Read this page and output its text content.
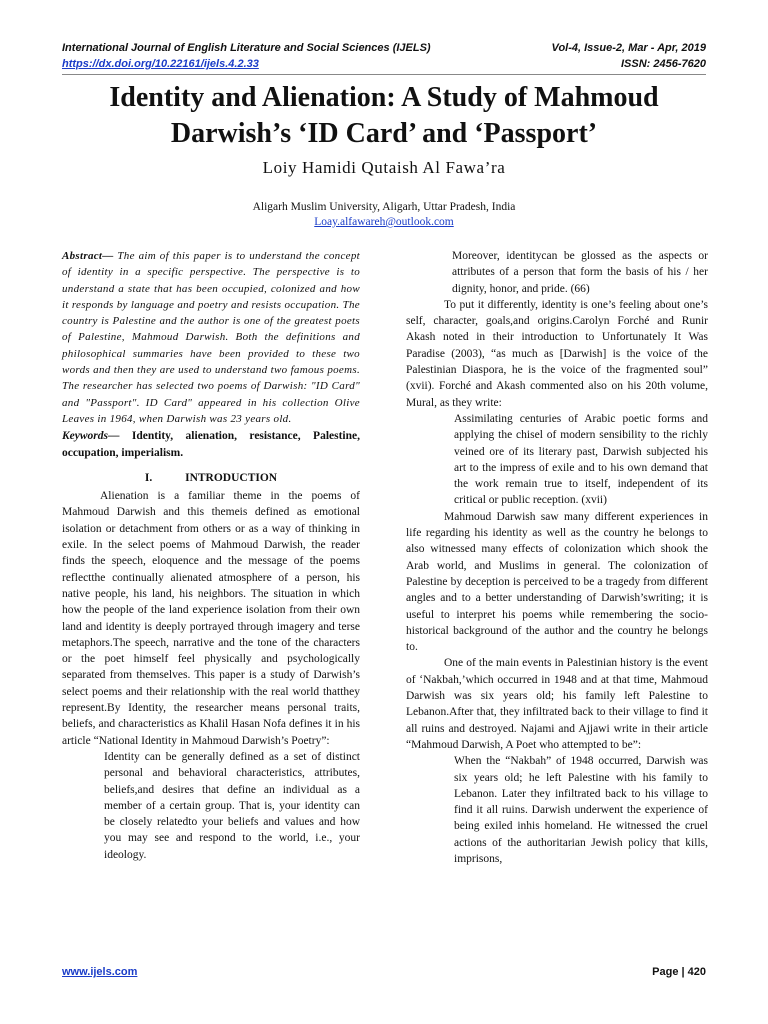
International Journal of English Literature and Social Sciences (IJELS)	Vol-4, Issue-2, Mar - Apr, 2019
https://dx.doi.org/10.22161/ijels.4.2.33	ISSN: 2456-7620
Identity and Alienation: A Study of Mahmoud
Darwish’s ‘ID Card’ and ‘Passport’
Loiy Hamidi Qutaish Al Fawa’ra
Aligarh Muslim University, Aligarh, Uttar Pradesh, India
Loay.alfawareh@outlook.com

Abstract— The aim of this paper is to understand the concept of identity in a specific perspective. The perspective is to understand a state that has been occupied, colonized and how it responds by language and poetry and resists occupation. The country is Palestine and the author is one of the greatest poets of Palestine, Mahmoud Darwish. Both the definitions and philosophical summaries have been provided to these two words and then they are used to understand two famous poems. The researcher has selected two poems of Darwish: "ID Card" and "Passport". ID Card" appeared in his collection Olive Leaves in 1964, when Darwish was 23 years old.

Keywords— Identity, alienation, resistance, Palestine, occupation, imperialism.

I. INTRODUCTION

Alienation is a familiar theme in the poems of Mahmoud Darwish and this themeis defined as emotional isolation or detachment from others or as a way of thinking in exile. In the select poems of Mahmoud Darwish, the reader finds the speech, eloquence and the message of the poems reflectthe continually alienated atmosphere of a person, his native people, his land, his neighbors. The situation in which how the people of the land experience isolation from their own land and identity is deeply portrayed through imagery and terse metaphors.The speech, narrative and the tone of the characters or the poet himself feel physically and psychologically separated from themselves. This paper is a study of Darwish’s select poems and their relationship with the real world thatthey represent.By Identity, the researcher means personal traits, beliefs, and characteristics as Khalil Hasan Nofa defines it in his article “National Identity in Mahmoud Darwish’s Poetry”:

Identity can be generally defined as a set of distinct personal and behavioral characteristics, attributes, beliefs,and desires that define an individual as a member of a certain group. That is, your identity can be closely relatedto your beliefs and values and how you may see and respond to the world, i.e., your ideology.

Moreover, identitycan be glossed as the aspects or attributes of a person that form the basis of his / her dignity, honor, and pride. (66)

To put it differently, identity is one’s feeling about one’s self, character, goals,and origins.Carolyn Forché and Runir Akash noted in their introduction to Unfortunately It Was Paradise (2003), “as much as [Darwish] is the voice of the Palestinian Diaspora, he is the voice of the fragmented soul” (xvii). Forché and Akash commented also on his 20th volume, Mural, as they write:

Assimilating centuries of Arabic poetic forms and applying the chisel of modern sensibility to the richly veined ore of its literary past, Darwish subjected his art to the impress of exile and to his own demand that the work remain true to itself, independent of its critical or public reception. (xvii)

Mahmoud Darwish saw many different experiences in life regarding his identity as well as the country he belongs to also witnessed many effects of colonization which shook the Arab world, and Muslims in general. The colonization of Palestine by deception is perceived to be a tragedy from different angles and to a better understanding of Darwish’swriting; it is useful to interpret his poems while remembering the socio-historical background of the author and the country he belongs to.

One of the main events in Palestinian history is the event of ‘Nakbah,’which occurred in 1948 and at that time, Mahmoud Darwish was six years old; his family left Palestine to Lebanon.After that, they infiltrated back to their village to find it all ruins and destroyed. Najami and Ajjawi write in their article “Mahmoud Darwish, A Poet who attempted to be”:

When the “Nakbah” of 1948 occurred, Darwish was six years old; he left Palestine with his family to Lebanon. Later they infiltrated back to his village to find it all ruins. Darwish underwent the experience of being exiled inhis homeland. He witnessed the cruel actions of the authoritarian Jewish policy that kills, imprisons,

www.ijels.com	Page | 420
